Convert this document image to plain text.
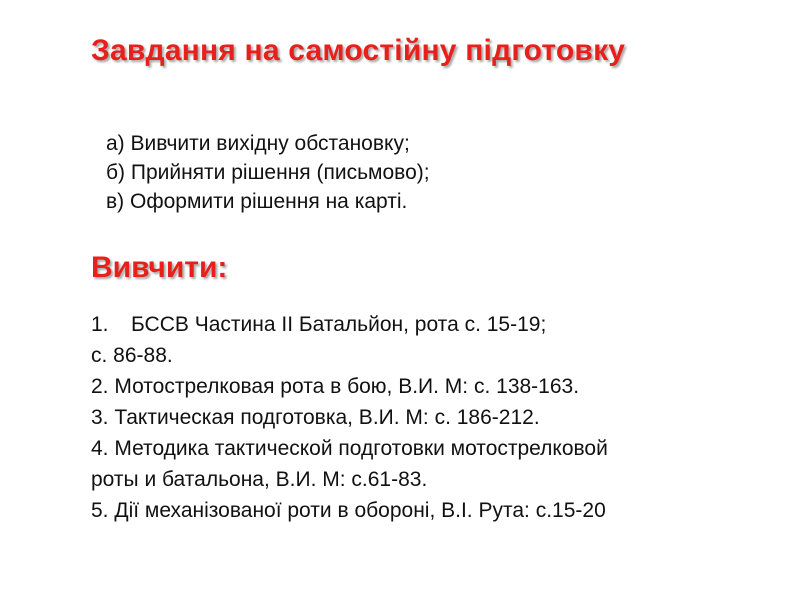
Завдання на самостійну підготовку
а) Вивчити вихідну обстановку;
б) Прийняти рішення (письмово);
в) Оформити рішення на карті.
Вивчити:
1. БССВ Частина II Батальйон, рота с. 15-19;
с. 86-88.
2. Мотострелковая рота в бою, В.И. М: с. 138-163.
3. Тактическая подготовка, В.И. М: с. 186-212.
4. Методика тактической подготовки мотострелковой
роты и батальона, В.И. М: с.61-83.
5. Дії механізованої роти в обороні, В.І. Рута: с.15-20
